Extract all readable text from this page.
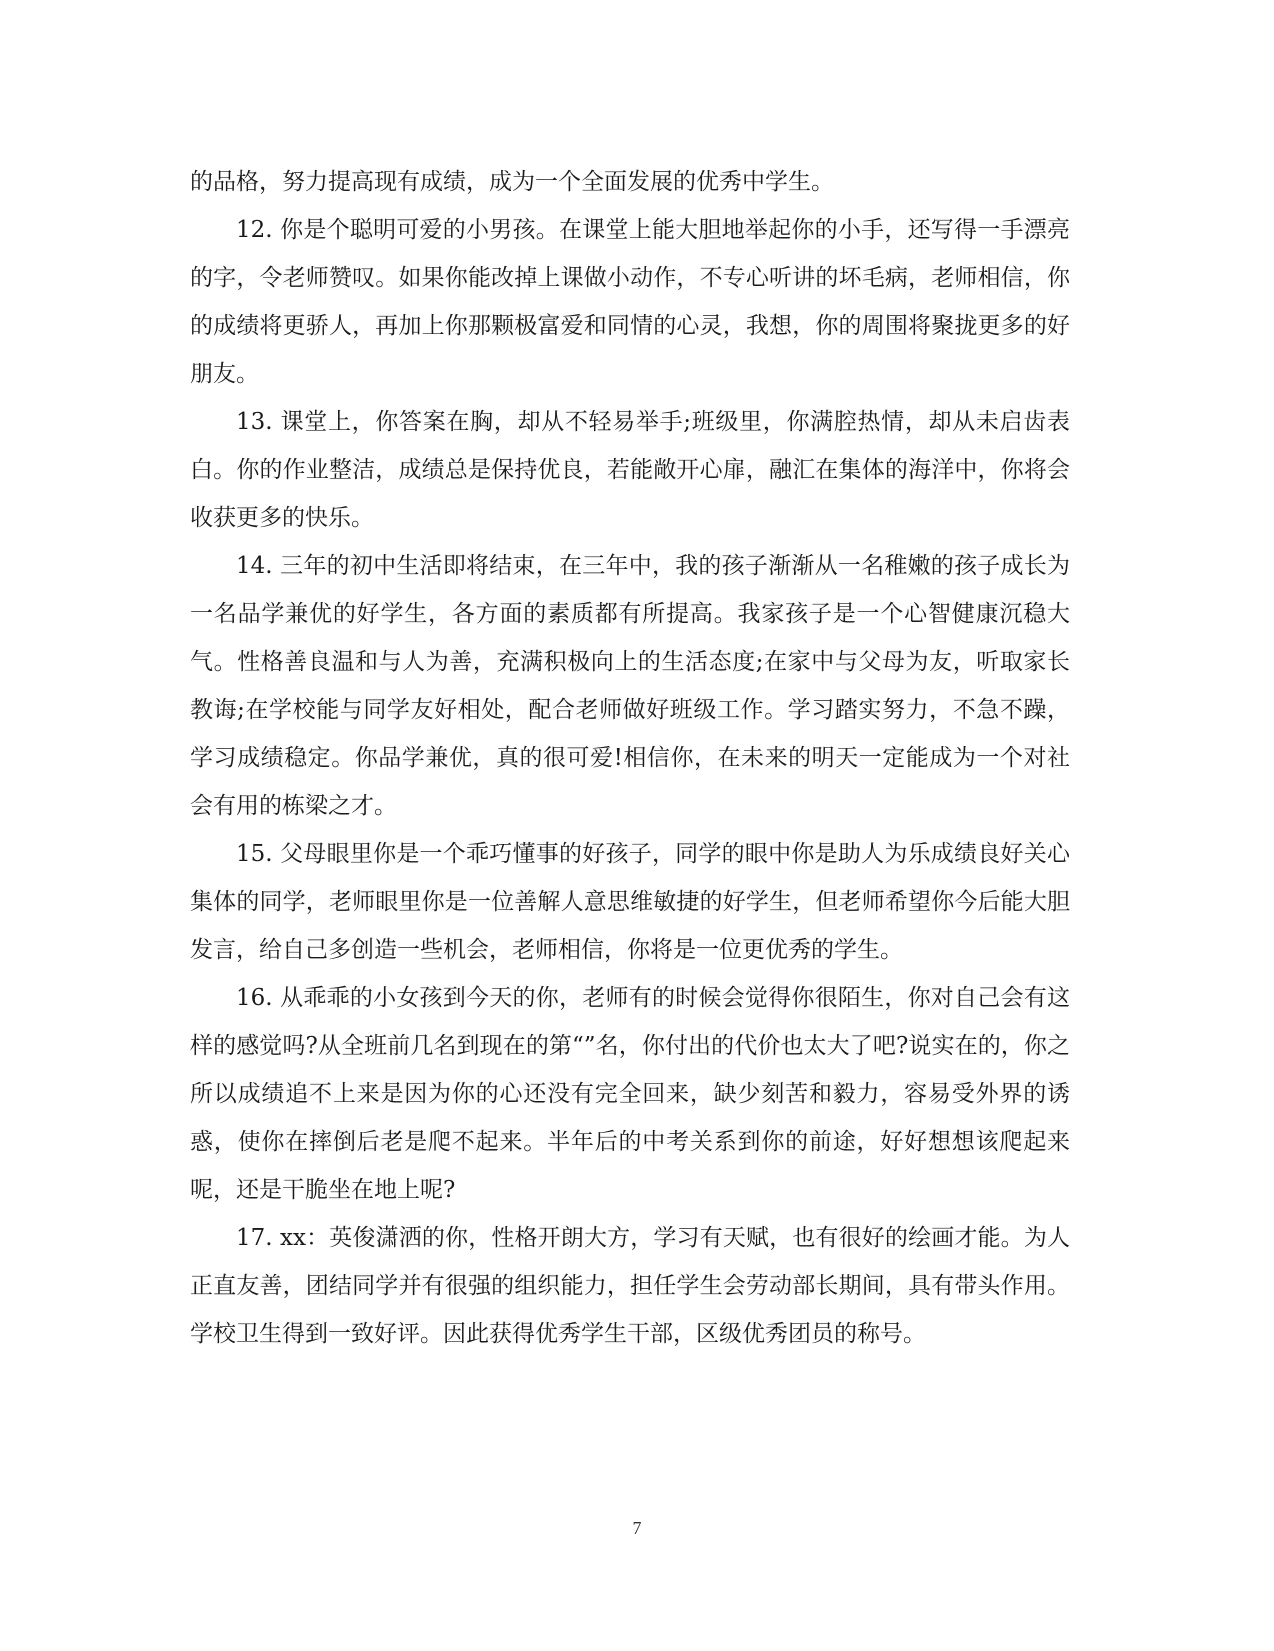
的品格，努力提高现有成绩，成为一个全面发展的优秀中学生。

12. 你是个聪明可爱的小男孩。在课堂上能大胆地举起你的小手，还写得一手漂亮的字，令老师赞叹。如果你能改掉上课做小动作，不专心听讲的坏毛病，老师相信，你的成绩将更骄人，再加上你那颗极富爱和同情的心灵，我想，你的周围将聚拢更多的好朋友。

13. 课堂上，你答案在胸，却从不轻易举手;班级里，你满腔热情，却从未启齿表白。你的作业整洁，成绩总是保持优良，若能敞开心扉，融汇在集体的海洋中，你将会收获更多的快乐。

14. 三年的初中生活即将结束，在三年中，我的孩子渐渐从一名稚嫩的孩子成长为一名品学兼优的好学生，各方面的素质都有所提高。我家孩子是一个心智健康沉稳大气。性格善良温和与人为善，充满积极向上的生活态度;在家中与父母为友，听取家长教诲;在学校能与同学友好相处，配合老师做好班级工作。学习踏实努力，不急不躁，学习成绩稳定。你品学兼优，真的很可爱!相信你，在未来的明天一定能成为一个对社会有用的栋梁之才。

15. 父母眼里你是一个乖巧懂事的好孩子，同学的眼中你是助人为乐成绩良好关心集体的同学，老师眼里你是一位善解人意思维敏捷的好学生，但老师希望你今后能大胆发言，给自己多创造一些机会，老师相信，你将是一位更优秀的学生。

16. 从乖乖的小女孩到今天的你，老师有的时候会觉得你很陌生，你对自己会有这样的感觉吗?从全班前几名到现在的第“”名，你付出的代价也太大了吧?说实在的，你之所以成绩追不上来是因为你的心还没有完全回来，缺少刻苦和毅力，容易受外界的诱惑，使你在摔倒后老是爬不起来。半年后的中考关系到你的前途，好好想想该爬起来呢，还是干脆坐在地上呢?

17. xx：英俊潇洒的你，性格开朗大方，学习有天赋，也有很好的绘画才能。为人正直友善，团结同学并有很强的组织能力，担任学生会劳动部长期间，具有带头作用。学校卫生得到一致好评。因此获得优秀学生干部，区级优秀团员的称号。

7
